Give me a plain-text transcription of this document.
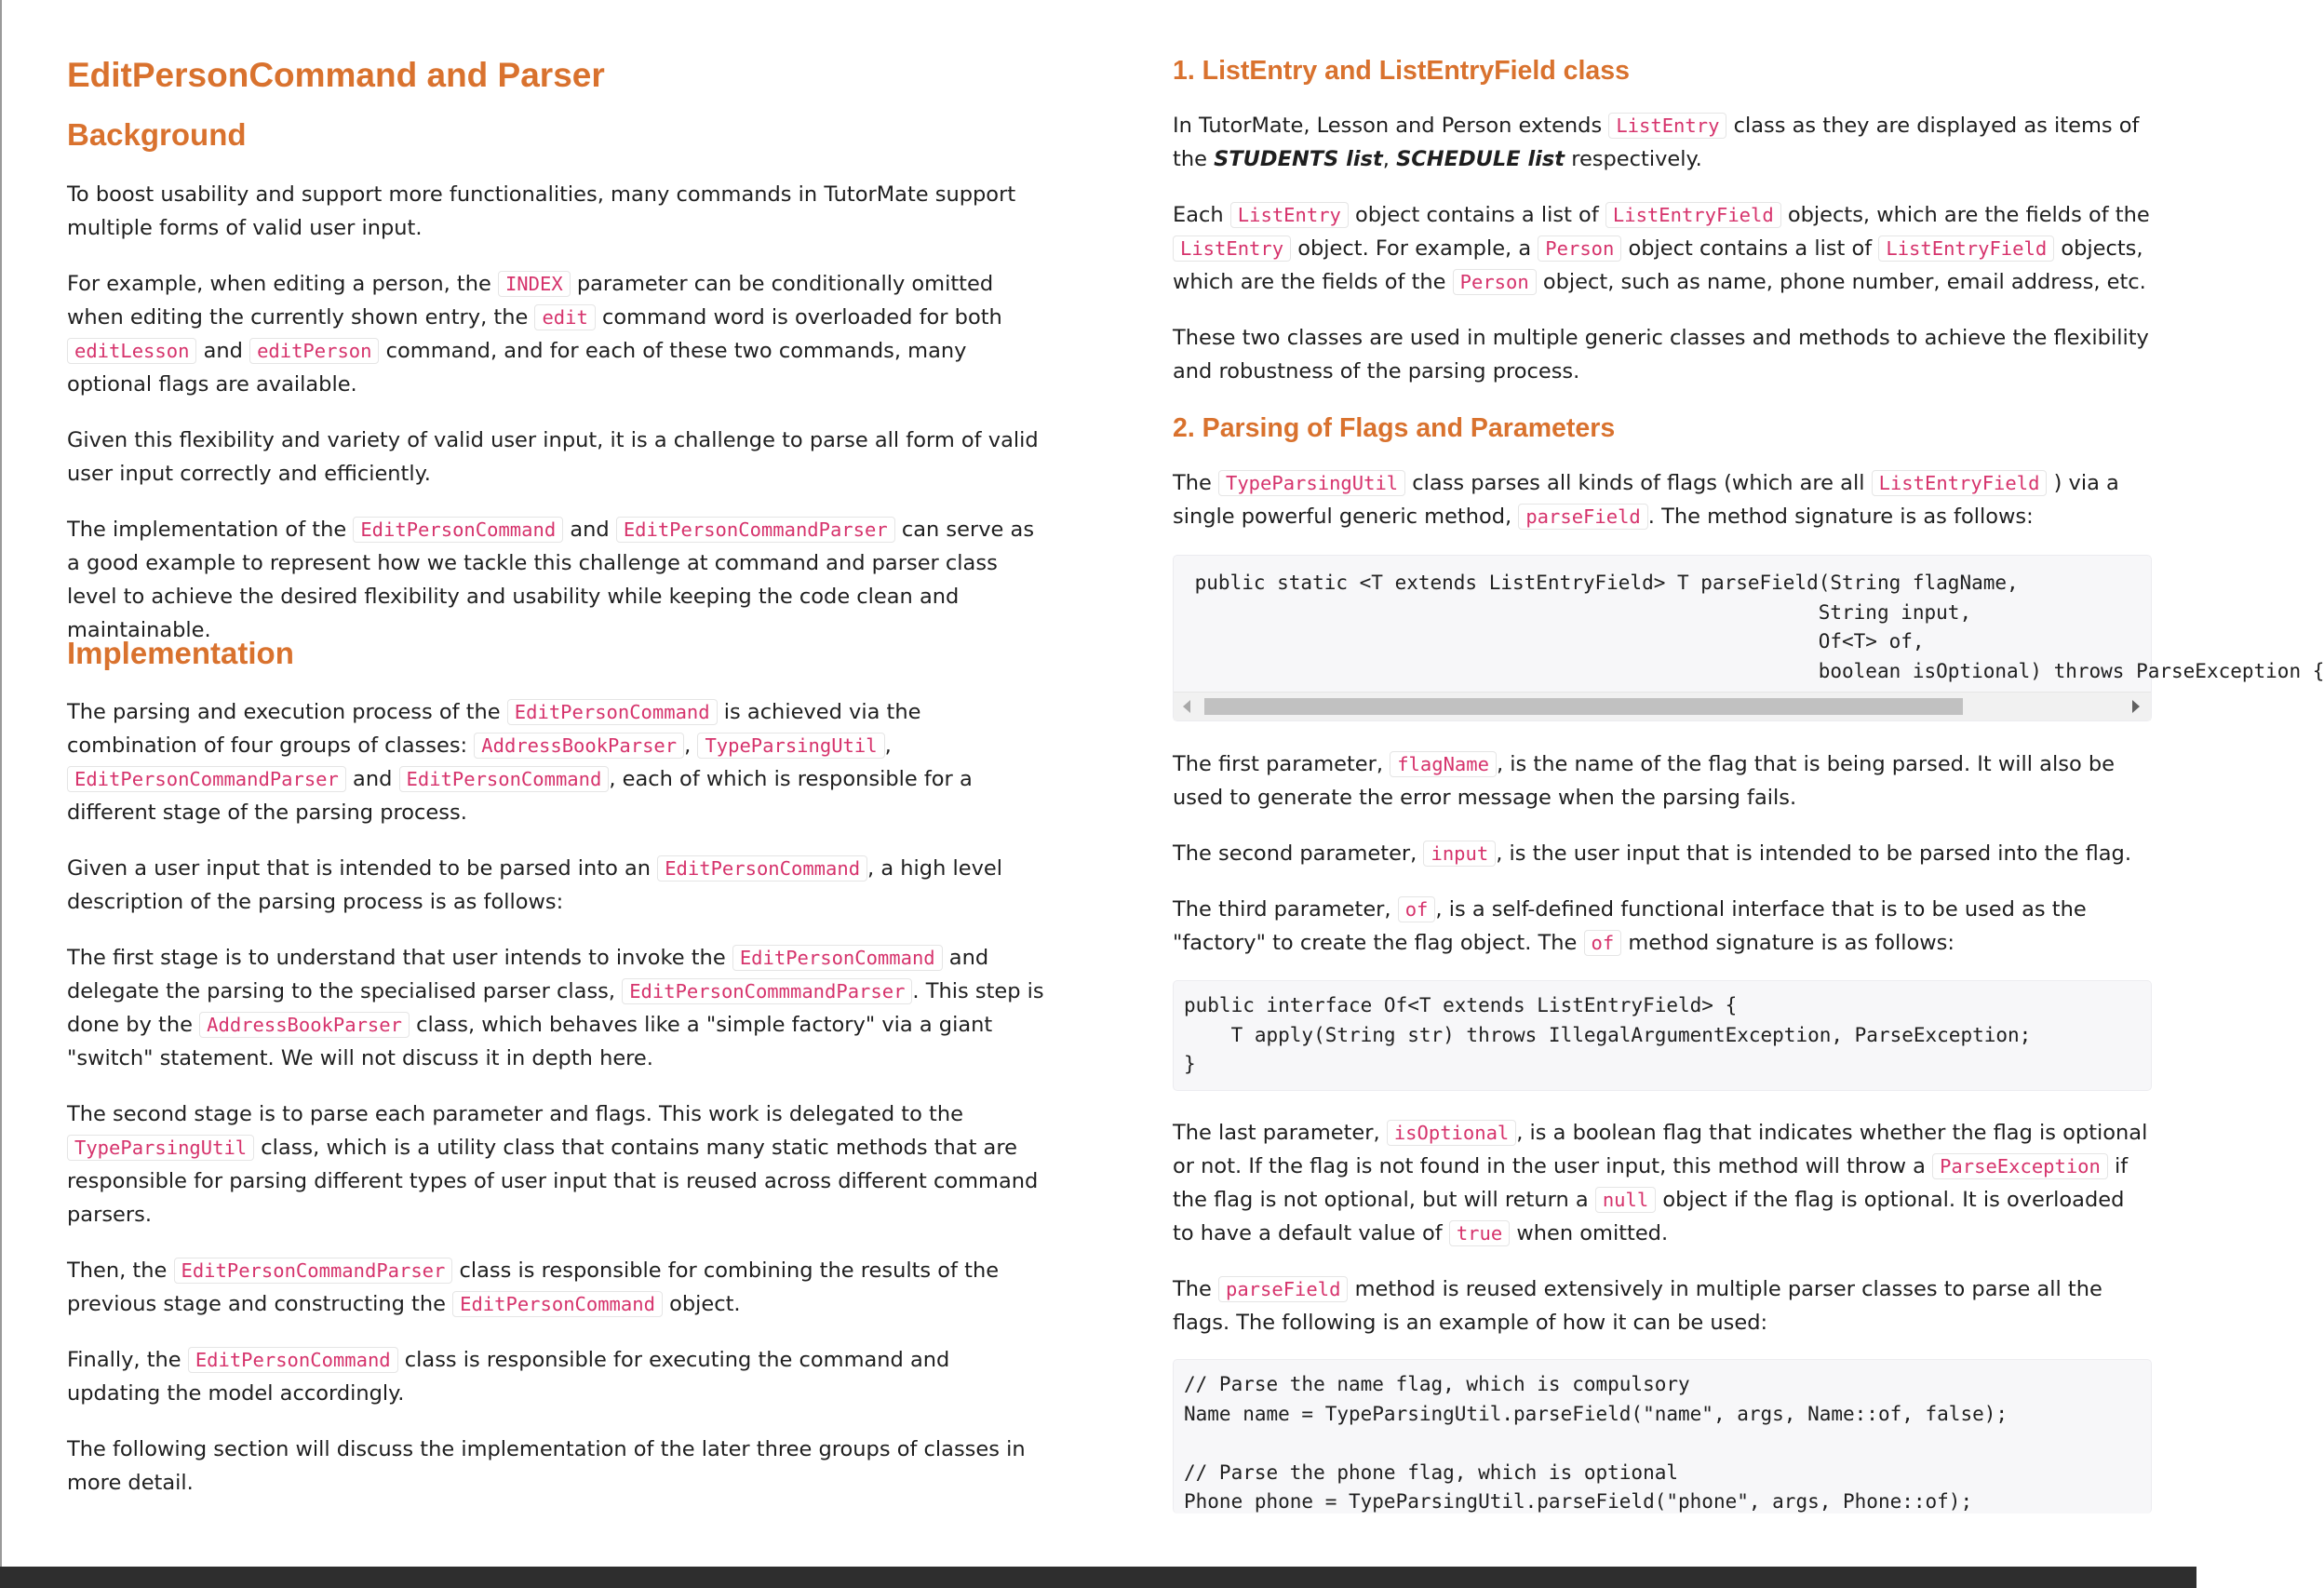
EditPersonCommand and Parser
Background

To boost usability and support more functionalities, many commands in TutorMate support multiple forms of valid user input.

For example, when editing a person, the INDEX parameter can be conditionally omitted when editing the currently shown entry, the edit command word is overloaded for both editLesson and editPerson command, and for each of these two commands, many optional flags are available.

Given this flexibility and variety of valid user input, it is a challenge to parse all form of valid user input correctly and efficiently.

The implementation of the EditPersonCommand and EditPersonCommandParser can serve as a good example to represent how we tackle this challenge at command and parser class level to achieve the desired flexibility and usability while keeping the code clean and maintainable.

Implementation

The parsing and execution process of the EditPersonCommand is achieved via the combination of four groups of classes: AddressBookParser , TypeParsingUtil , EditPersonCommandParser and EditPersonCommand , each of which is responsible for a different stage of the parsing process.

Given a user input that is intended to be parsed into an EditPersonCommand , a high level description of the parsing process is as follows:

The first stage is to understand that user intends to invoke the EditPersonCommand and delegate the parsing to the specialised parser class, EditPersonCommmandParser . This step is done by the AddressBookParser class, which behaves like a "simple factory" via a giant "switch" statement. We will not discuss it in depth here.

The second stage is to parse each parameter and flags. This work is delegated to the TypeParsingUtil class, which is a utility class that contains many static methods that are responsible for parsing different types of user input that is reused across different command parsers.

Then, the EditPersonCommandParser class is responsible for combining the results of the previous stage and constructing the EditPersonCommand object.

Finally, the EditPersonCommand class is responsible for executing the command and updating the model accordingly.

The following section will discuss the implementation of the later three groups of classes in more detail.

1. ListEntry and ListEntryField class

In TutorMate, Lesson and Person extends ListEntry class as they are displayed as items of the STUDENTS list, SCHEDULE list respectively.

Each ListEntry object contains a list of ListEntryField objects, which are the fields of the ListEntry object. For example, a Person object contains a list of ListEntryField objects, which are the fields of the Person object, such as name, phone number, email address, etc.

These two classes are used in multiple generic classes and methods to achieve the flexibility and robustness of the parsing process.

2. Parsing of Flags and Parameters

The TypeParsingUtil class parses all kinds of flags (which are all ListEntryField ) via a single powerful generic method, parseField . The method signature is as follows:

public static <T extends ListEntryField> T parseField(String flagName,
String input,
Of<T> of,
boolean isOptional) throws ParseException {

The first parameter, flagName , is the name of the flag that is being parsed. It will also be used to generate the error message when the parsing fails.

The second parameter, input , is the user input that is intended to be parsed into the flag.

The third parameter, of , is a self-defined functional interface that is to be used as the "factory" to create the flag object. The of method signature is as follows:

public interface Of<T extends ListEntryField> {
T apply(String str) throws IllegalArgumentException, ParseException;
}

The last parameter, isOptional , is a boolean flag that indicates whether the flag is optional or not. If the flag is not found in the user input, this method will throw a ParseException if the flag is not optional, but will return a null object if the flag is optional. It is overloaded to have a default value of true when omitted.

The parseField method is reused extensively in multiple parser classes to parse all the flags. The following is an example of how it can be used:

// Parse the name flag, which is compulsory
Name name = TypeParsingUtil.parseField("name", args, Name::of, false);

// Parse the phone flag, which is optional
Phone phone = TypeParsingUtil.parseField("phone", args, Phone::of);
